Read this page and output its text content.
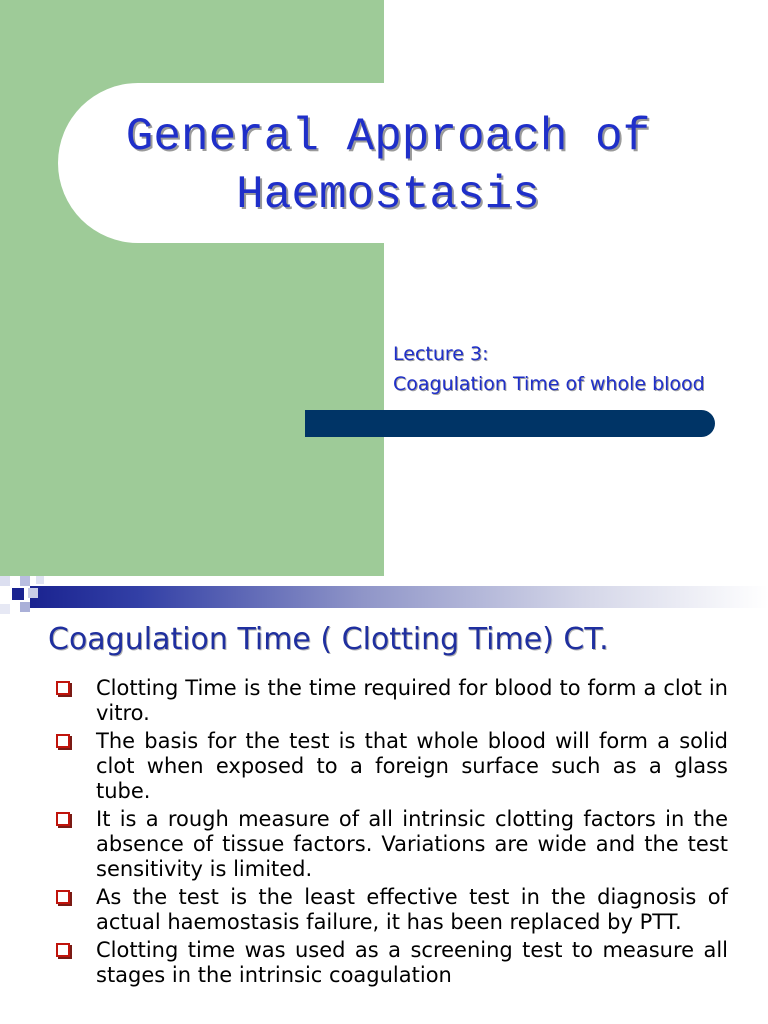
General Approach of
Haemostasis
Lecture 3:
Coagulation Time of whole blood
Coagulation Time ( Clotting Time) CT.
Clotting Time is the time required for blood to form a clot in vitro.
The basis for the test is that whole blood will form a solid clot when exposed to a foreign surface such as a glass tube.
It is a rough measure of all intrinsic clotting factors in the absence of tissue factors. Variations are wide and the test sensitivity is limited.
As the test is the least effective test in the diagnosis of actual haemostasis failure, it has been replaced by PTT.
Clotting time was used as a screening test to measure all stages in the intrinsic coagulation
